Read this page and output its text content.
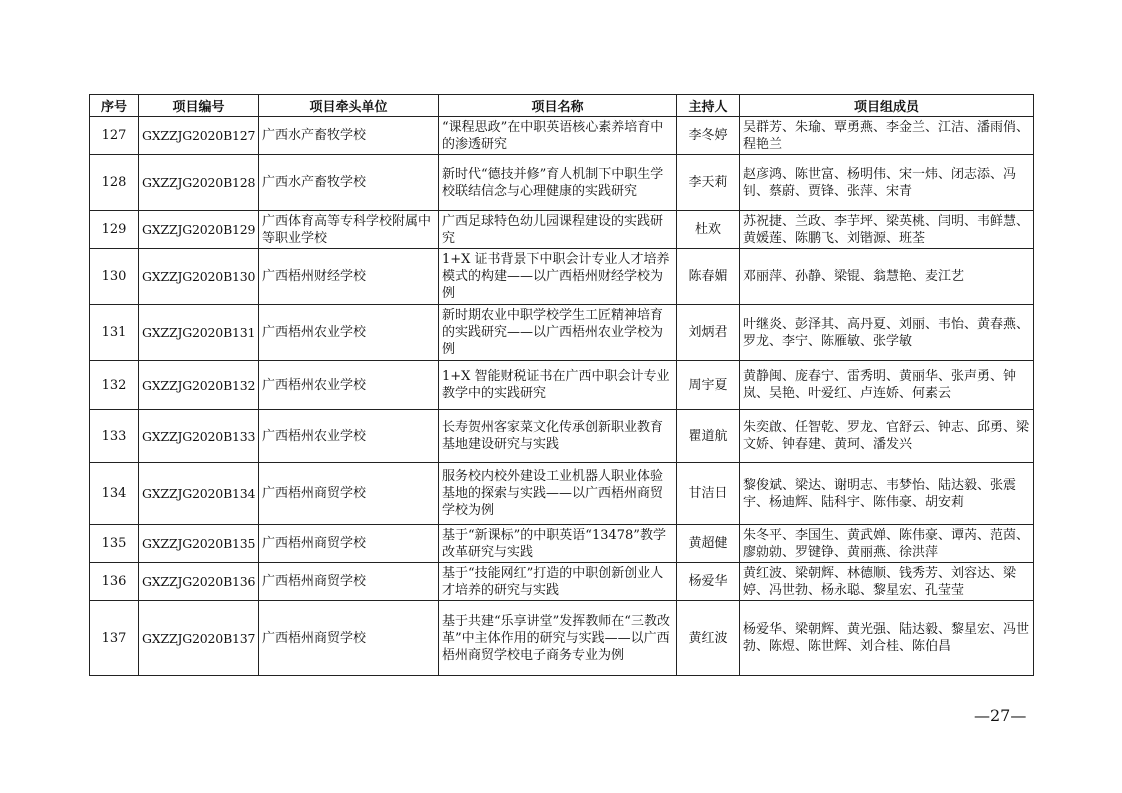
序号	项目编号	项目牵头单位	项目名称	主持人	项目组成员
127	GXZZJG2020B127	广西水产畜牧学校	“课程思政”在中职英语核心素养培育中的渗透研究	李冬婷	吴群芳、朱瑜、覃勇燕、李金兰、江洁、潘雨俏、程艳兰
128	GXZZJG2020B128	广西水产畜牧学校	新时代“德技并修”育人机制下中职生学校联结信念与心理健康的实践研究	李天莉	赵彦鸿、陈世富、杨明伟、宋一炜、闭志添、冯钊、蔡蔚、贾锋、张萍、宋青
129	GXZZJG2020B129	广西体育高等专科学校附属中等职业学校	广西足球特色幼儿园课程建设的实践研究	杜欢	苏祝捷、兰政、李芋坪、梁英桃、闫明、韦鲜慧、黄媛莲、陈鹏飞、刘锴源、班荃
130	GXZZJG2020B130	广西梧州财经学校	1+X 证书背景下中职会计专业人才培养模式的构建——以广西梧州财经学校为例	陈春媚	邓丽萍、孙静、梁锟、翁慧艳、麦江艺
131	GXZZJG2020B131	广西梧州农业学校	新时期农业中职学校学生工匠精神培育的实践研究——以广西梧州农业学校为例	刘炳君	叶继炎、彭泽其、高丹夏、刘丽、韦怡、黄春燕、罗龙、李宁、陈雁敏、张学敏
132	GXZZJG2020B132	广西梧州农业学校	1+X 智能财税证书在广西中职会计专业教学中的实践研究	周宇夏	黄静闽、庞春宁、雷秀明、黄丽华、张声勇、钟岚、吴艳、叶爱红、卢连娇、何素云
133	GXZZJG2020B133	广西梧州农业学校	长寿贺州客家菜文化传承创新职业教育基地建设研究与实践	瞿道航	朱奕啟、任智乾、罗龙、官舒云、钟志、邱勇、梁文娇、钟春建、黄珂、潘发兴
134	GXZZJG2020B134	广西梧州商贸学校	服务校内校外建设工业机器人职业体验基地的探索与实践——以广西梧州商贸学校为例	甘洁日	黎俊斌、梁达、谢明志、韦梦怡、陆达毅、张震宇、杨迪辉、陆科宇、陈伟豪、胡安莉
135	GXZZJG2020B135	广西梧州商贸学校	基于“新课标”的中职英语“13478”教学改革研究与实践	黄超健	朱冬平、李国生、黄武婵、陈伟豪、谭芮、范茵、 廖勍勍、罗键铮、黄丽燕、徐洪萍
136	GXZZJG2020B136	广西梧州商贸学校	基于“技能网红”打造的中职创新创业人才培养的研究与实践	杨爱华	黄红波、梁朝辉、林德顺、钱秀芳、刘容达、梁婷、冯世勃、杨永聪、黎星宏、孔莹莹
137	GXZZJG2020B137	广西梧州商贸学校	基于共建“乐享讲堂”发挥教师在“三教改革”中主体作用的研究与实践——以广西梧州商贸学校电子商务专业为例	黄红波	杨爱华、梁朝辉、黄光强、陆达毅、黎星宏、冯世勃、陈煜、陈世辉、刘合桂、陈伯昌
—27—
